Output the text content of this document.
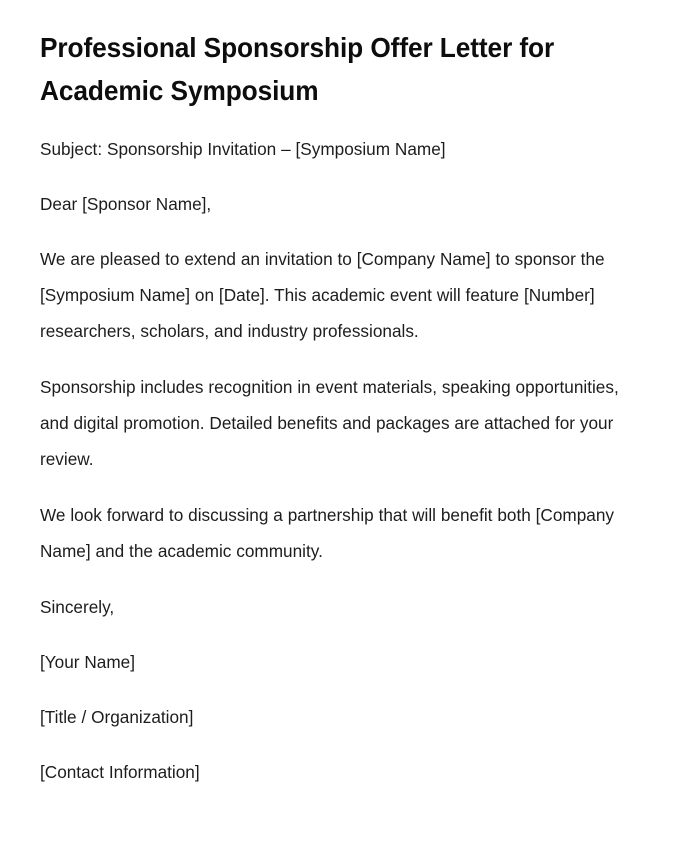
Professional Sponsorship Offer Letter for Academic Symposium

Subject: Sponsorship Invitation – [Symposium Name]

Dear [Sponsor Name],

We are pleased to extend an invitation to [Company Name] to sponsor the [Symposium Name] on [Date]. This academic event will feature [Number] researchers, scholars, and industry professionals.

Sponsorship includes recognition in event materials, speaking opportunities, and digital promotion. Detailed benefits and packages are attached for your review.

We look forward to discussing a partnership that will benefit both [Company Name] and the academic community.

Sincerely,

[Your Name]

[Title / Organization]

[Contact Information]
